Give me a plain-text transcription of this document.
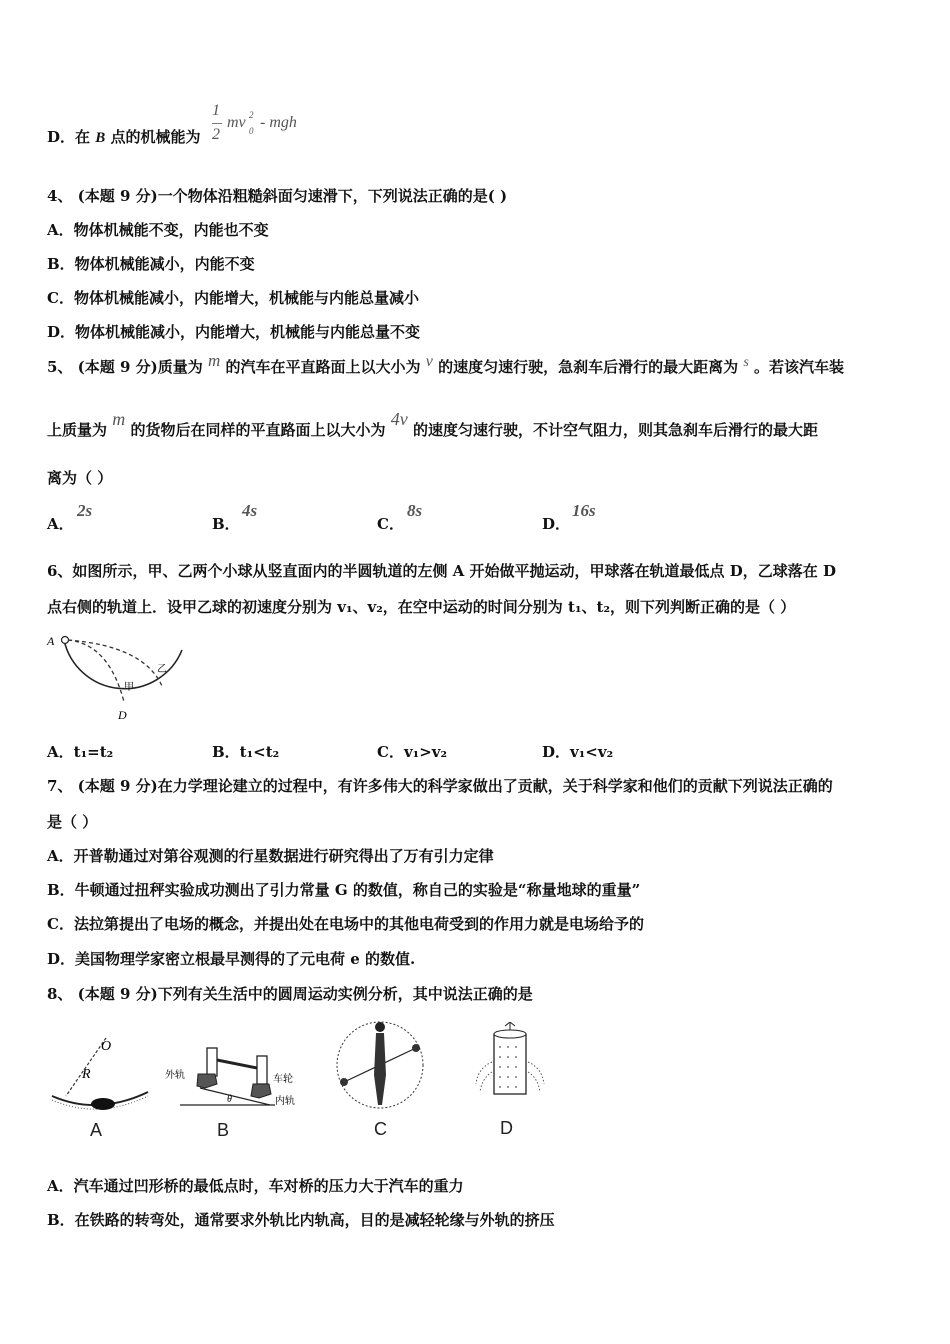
D．在 B 点的机械能为
1
2
mv 2
0 - mgh
4、 (本题 9 分)一个物体沿粗糙斜面匀速滑下，下列说法正确的是( )
A．物体机械能不变，内能也不变
B．物体机械能减小，内能不变
C．物体机械能减小，内能增大，机械能与内能总量减小
D．物体机械能减小，内能增大，机械能与内能总量不变
5、 (本题 9 分)质量为 m 的汽车在平直路面上以大小为 v 的速度匀速行驶，急刹车后滑行的最大距离为 s 。若该汽车装
上质量为 m 的货物后在同样的平直路面上以大小为 4v 的速度匀速行驶，不计空气阻力，则其急刹车后滑行的最大距
离为（ ）
A．
2s
B．
4s
C．
8s
D．
16s
6、如图所示，甲、乙两个小球从竖直面内的半圆轨道的左侧 A 开始做平抛运动，甲球落在轨道最低点 D，乙球落在 D
点右侧的轨道上．设甲乙球的初速度分别为 v₁、v₂，在空中运动的时间分别为 t₁、t₂，则下列判断正确的是（ ）
A
D
甲
乙
A．t₁=t₂	B．t₁<t₂	C．v₁>v₂	D．v₁<v₂
7、 (本题 9 分)在力学理论建立的过程中，有许多伟大的科学家做出了贡献，关于科学家和他们的贡献下列说法正确的
是（ ）
A．开普勒通过对第谷观测的行星数据进行研究得出了万有引力定律
B．牛顿通过扭秤实验成功测出了引力常量 G 的数值，称自己的实验是“称量地球的重量”
C．法拉第提出了电场的概念，并提出处在电场中的其他电荷受到的作用力就是电场给予的
D．美国物理学家密立根最早测得的了元电荷 e 的数值.
8、 (本题 9 分)下列有关生活中的圆周运动实例分析，其中说法正确的是
O
R
A
外轨	车轮
内轨
θ
B	C	D
A．汽车通过凹形桥的最低点时，车对桥的压力大于汽车的重力
B．在铁路的转弯处，通常要求外轨比内轨高，目的是减轻轮缘与外轨的挤压
